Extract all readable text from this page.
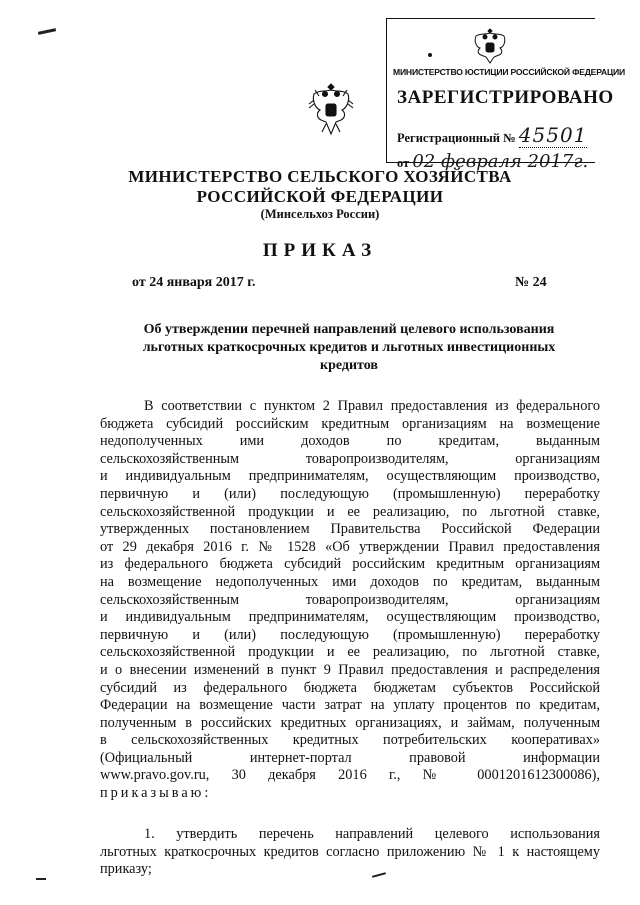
МИНИСТЕРСТВО ЮСТИЦИИ РОССИЙСКОЙ ФЕДЕРАЦИИ
ЗАРЕГИСТРИРОВАНО
Регистрационный № 45501
от 02 февраля 2017г.
МИНИСТЕРСТВО СЕЛЬСКОГО ХОЗЯЙСТВА
РОССИЙСКОЙ ФЕДЕРАЦИИ
(Минсельхоз России)
ПРИКАЗ
от 24 января 2017 г.	№ 24
Об утверждении перечней направлений целевого использования льготных краткосрочных кредитов и льготных инвестиционных кредитов
В соответствии с пунктом 2 Правил предоставления из федерального
бюджета субсидий российским кредитным организациям на возмещение
недополученных ими доходов по кредитам, выданным
сельскохозяйственным товаропроизводителям, организациям
и индивидуальным предпринимателям, осуществляющим производство,
первичную и (или) последующую (промышленную) переработку
сельскохозяйственной продукции и ее реализацию, по льготной ставке,
утвержденных постановлением Правительства Российской Федерации
от 29 декабря 2016 г. № 1528 «Об утверждении Правил предоставления
из федерального бюджета субсидий российским кредитным организациям
на возмещение недополученных ими доходов по кредитам, выданным
сельскохозяйственным товаропроизводителям, организациям
и индивидуальным предпринимателям, осуществляющим производство,
первичную и (или) последующую (промышленную) переработку
сельскохозяйственной продукции и ее реализацию, по льготной ставке,
и о внесении изменений в пункт 9 Правил предоставления и распределения
субсидий из федерального бюджета бюджетам субъектов Российской
Федерации на возмещение части затрат на уплату процентов по кредитам,
полученным в российских кредитных организациях, и займам, полученным
в сельскохозяйственных кредитных потребительских кооперативах»
(Официальный интернет-портал правовой информации
www.pravo.gov.ru, 30 декабря 2016 г., № 0001201612300086),
приказываю:
1. утвердить перечень направлений целевого использования
льготных краткосрочных кредитов согласно приложению № 1 к настоящему
приказу;
